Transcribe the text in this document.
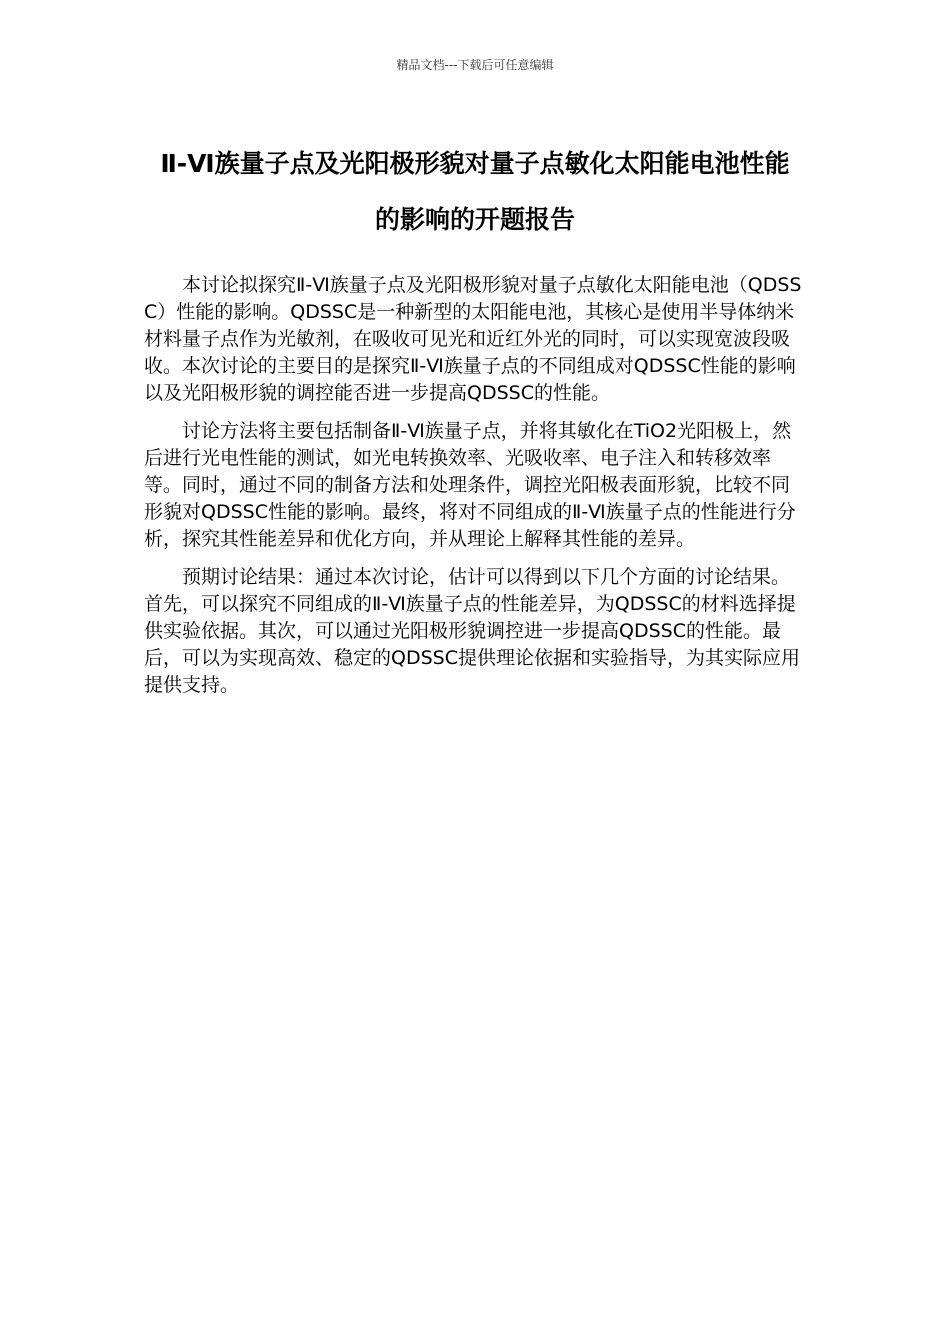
精品文档---下载后可任意编辑
Ⅱ-Ⅵ族量子点及光阳极形貌对量子点敏化太阳能电池性能的影响的开题报告

本讨论拟探究Ⅱ-Ⅵ族量子点及光阳极形貌对量子点敏化太阳能电池（QDSSC）性能的影响。QDSSC是一种新型的太阳能电池，其核心是使用半导体纳米材料量子点作为光敏剂，在吸收可见光和近红外光的同时，可以实现宽波段吸收。本次讨论的主要目的是探究Ⅱ-Ⅵ族量子点的不同组成对QDSSC性能的影响以及光阳极形貌的调控能否进一步提高QDSSC的性能。

讨论方法将主要包括制备Ⅱ-Ⅵ族量子点，并将其敏化在TiO2光阳极上，然后进行光电性能的测试，如光电转换效率、光吸收率、电子注入和转移效率等。同时，通过不同的制备方法和处理条件，调控光阳极表面形貌，比较不同形貌对QDSSC性能的影响。最终，将对不同组成的Ⅱ-Ⅵ族量子点的性能进行分析，探究其性能差异和优化方向，并从理论上解释其性能的差异。

预期讨论结果：通过本次讨论，估计可以得到以下几个方面的讨论结果。首先，可以探究不同组成的Ⅱ-Ⅵ族量子点的性能差异，为QDSSC的材料选择提供实验依据。其次，可以通过光阳极形貌调控进一步提高QDSSC的性能。最后，可以为实现高效、稳定的QDSSC提供理论依据和实验指导，为其实际应用提供支持。
